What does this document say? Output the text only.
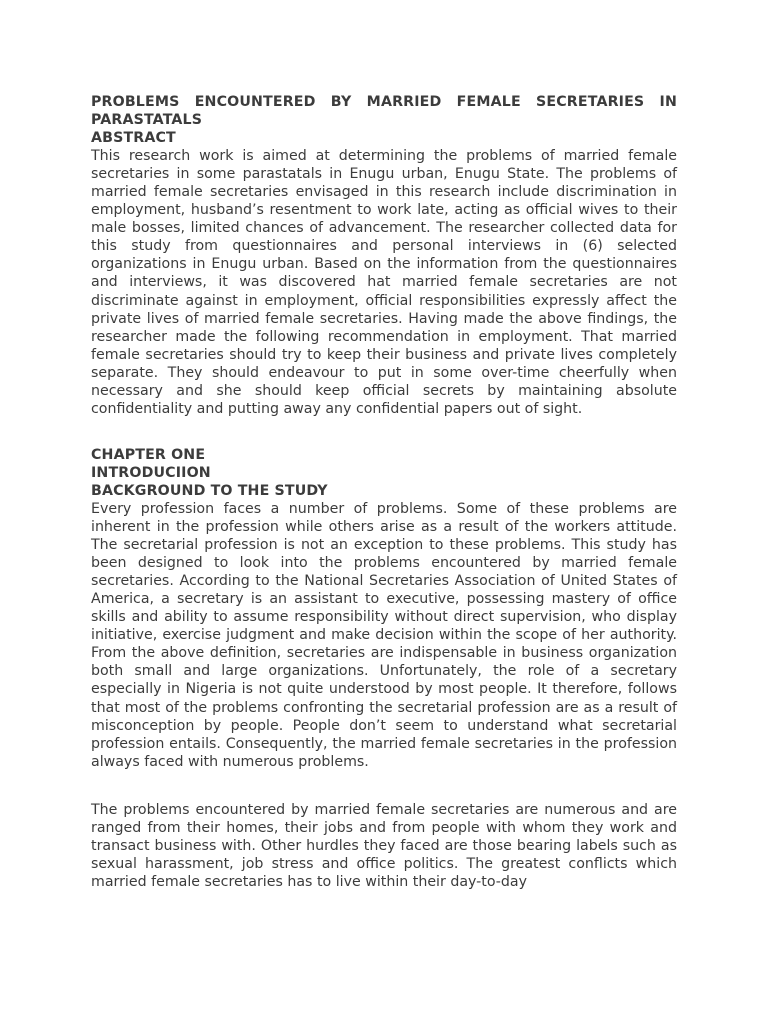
PROBLEMS ENCOUNTERED BY MARRIED FEMALE SECRETARIES IN PARASTATALS

ABSTRACT

This research work is aimed at determining the problems of married female secretaries in some parastatals in Enugu urban, Enugu State. The problems of married female secretaries envisaged in this research include discrimination in employment, husband’s resentment to work late, acting as official wives to their male bosses, limited chances of advancement. The researcher collected data for this study from questionnaires and personal interviews in (6) selected organizations in Enugu urban. Based on the information from the questionnaires and interviews, it was discovered hat married female secretaries are not discriminate against in employment, official responsibilities expressly affect the private lives of married female secretaries. Having made the above findings, the researcher made the following recommendation in employment. That married female secretaries should try to keep their business and private lives completely separate. They should endeavour to put in some over-time cheerfully when necessary and she should keep official secrets by maintaining absolute confidentiality and putting away any confidential papers out of sight.

CHAPTER ONE

INTRODUCIION

BACKGROUND TO THE STUDY

Every profession faces a number of problems. Some of these problems are inherent in the profession while others arise as a result of the workers attitude. The secretarial profession is not an exception to these problems. This study has been designed to look into the problems encountered by married female secretaries. According to the National Secretaries Association of United States of America, a secretary is an assistant to executive, possessing mastery of office skills and ability to assume responsibility without direct supervision, who display initiative, exercise judgment and make decision within the scope of her authority. From the above definition, secretaries are indispensable in business organization both small and large organizations. Unfortunately, the role of a secretary especially in Nigeria is not quite understood by most people. It therefore, follows that most of the problems confronting the secretarial profession are as a result of misconception by people. People don’t seem to understand what secretarial profession entails. Consequently, the married female secretaries in the profession always faced with numerous problems.

The problems encountered by married female secretaries are numerous and are ranged from their homes, their jobs and from people with whom they work and transact business with. Other hurdles they faced are those bearing labels such as sexual harassment, job stress and office politics. The greatest conflicts which married female secretaries has to live within their day-to-day
